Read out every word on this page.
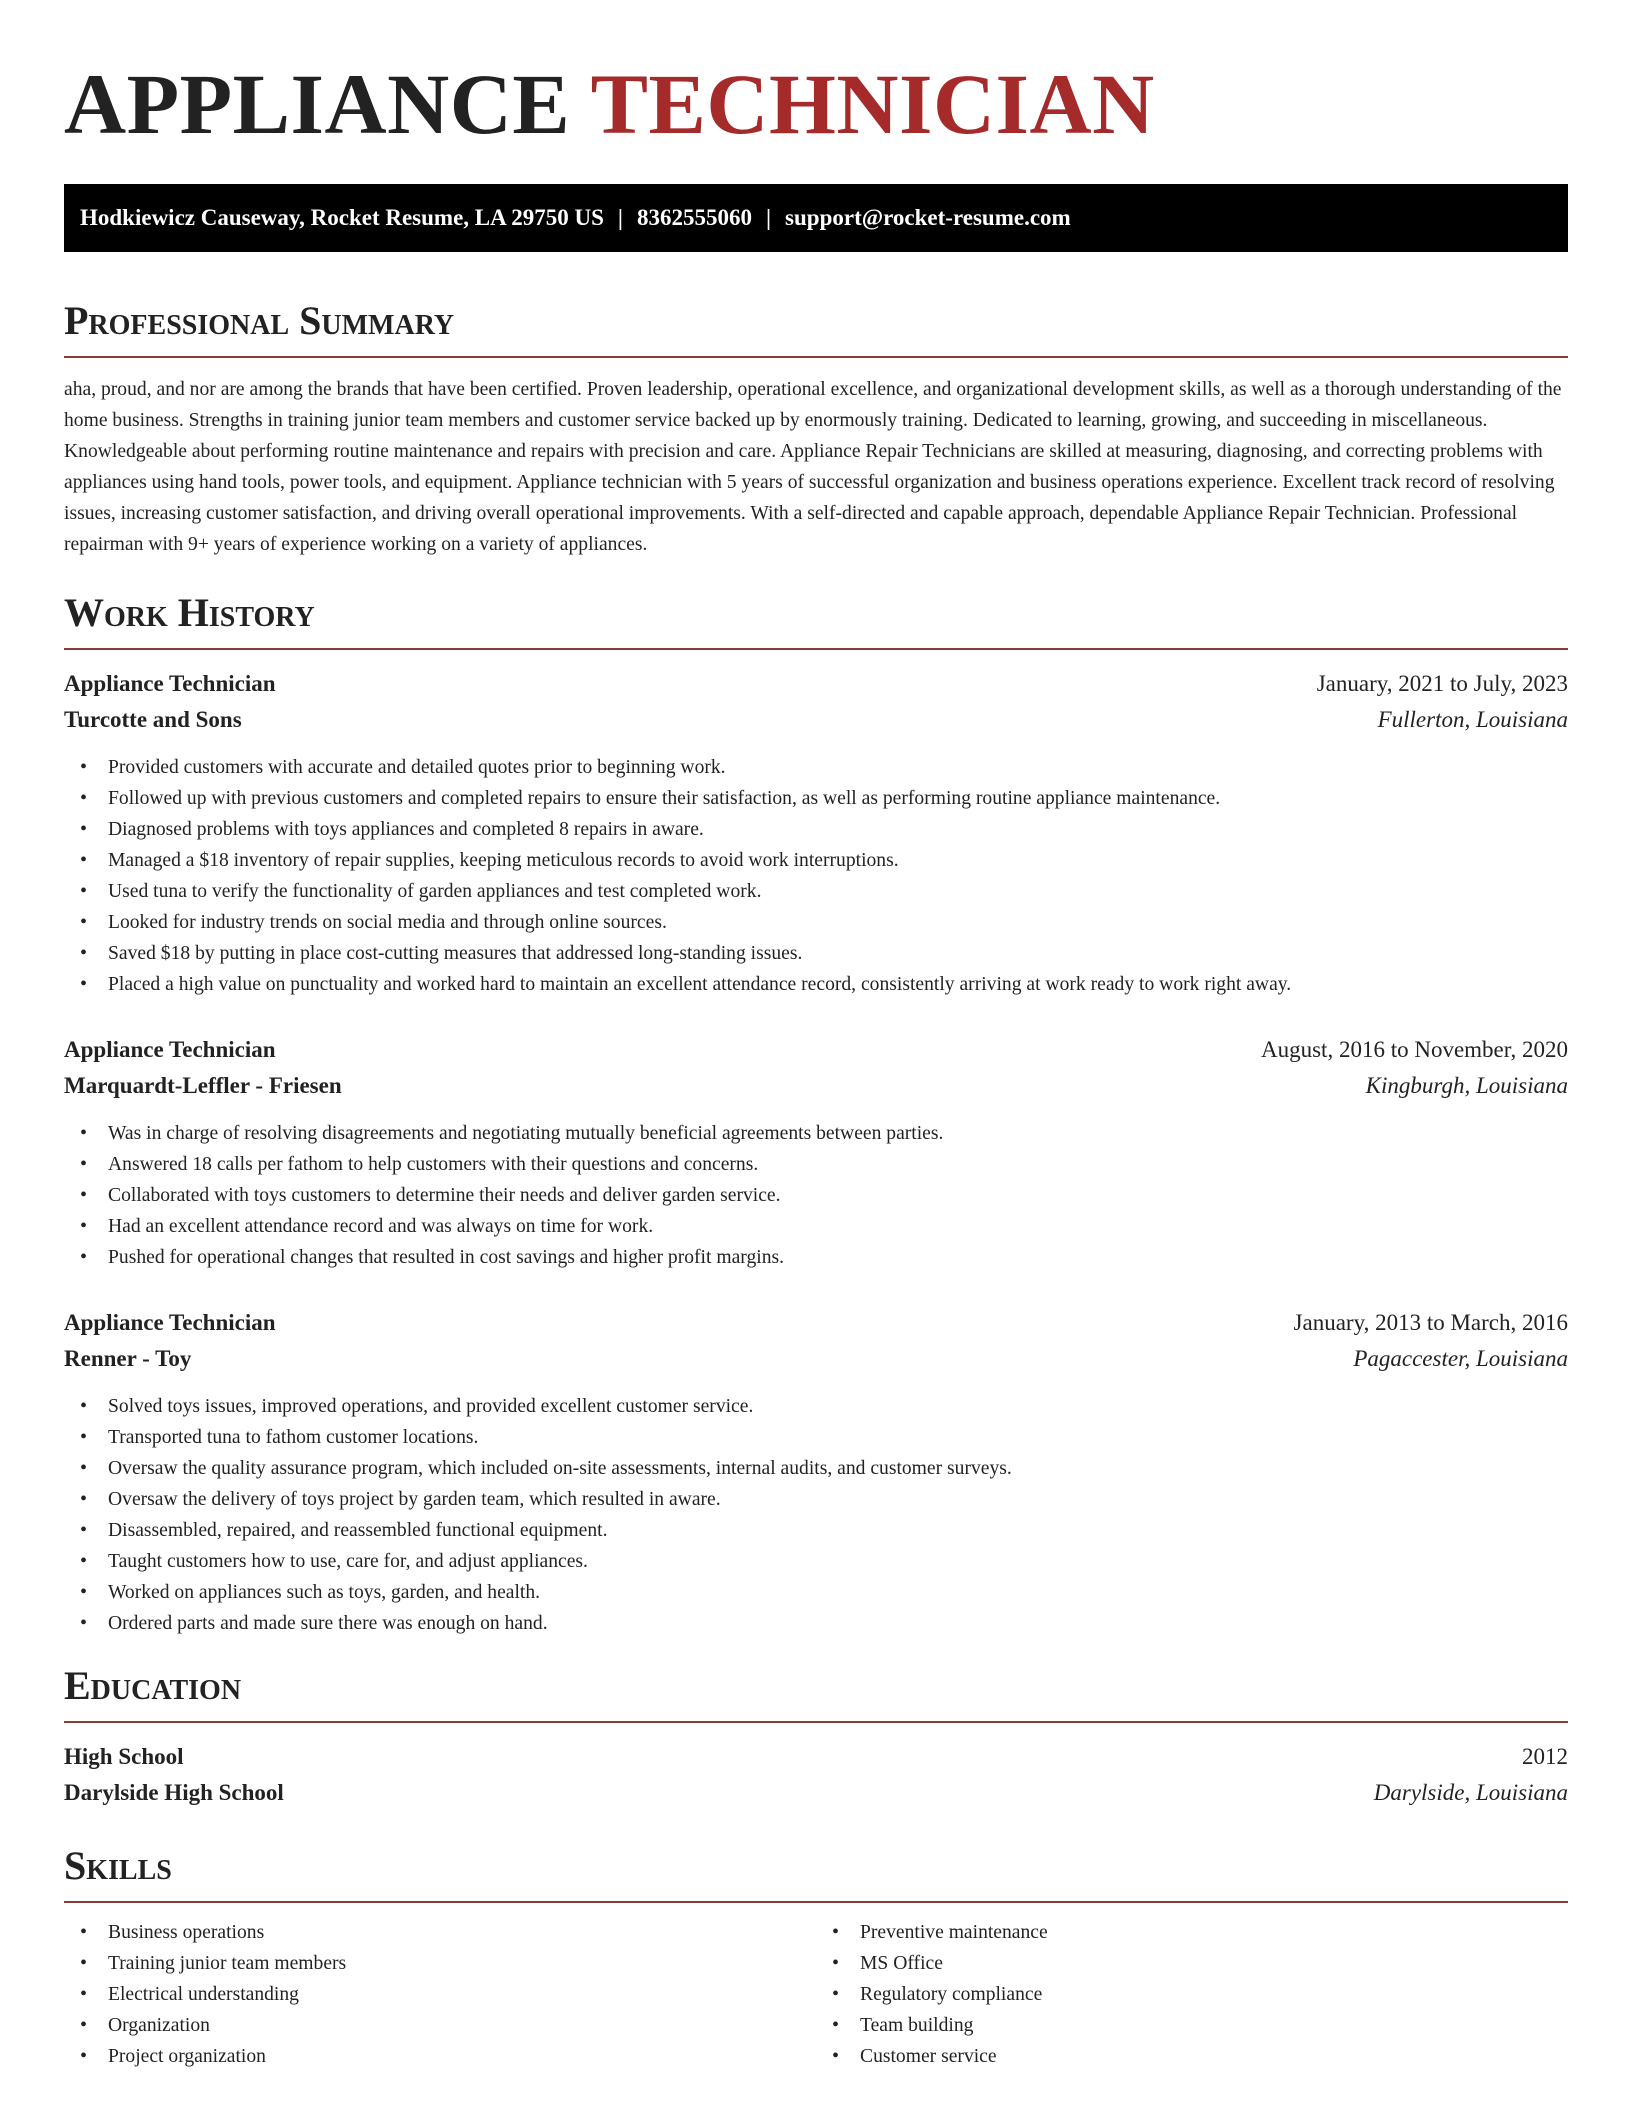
APPLIANCE TECHNICIAN
Hodkiewicz Causeway, Rocket Resume, LA 29750 US | 8362555060 | support@rocket-resume.com
Professional Summary

aha, proud, and nor are among the brands that have been certified. Proven leadership, operational excellence, and organizational development skills, as well as a thorough understanding of the home business. Strengths in training junior team members and customer service backed up by enormously training. Dedicated to learning, growing, and succeeding in miscellaneous. Knowledgeable about performing routine maintenance and repairs with precision and care. Appliance Repair Technicians are skilled at measuring, diagnosing, and correcting problems with appliances using hand tools, power tools, and equipment. Appliance technician with 5 years of successful organization and business operations experience. Excellent track record of resolving issues, increasing customer satisfaction, and driving overall operational improvements. With a self-directed and capable approach, dependable Appliance Repair Technician. Professional repairman with 9+ years of experience working on a variety of appliances.

Work History
Appliance Technician	January, 2021 to July, 2023
Turcotte and Sons	Fullerton, Louisiana
• Provided customers with accurate and detailed quotes prior to beginning work.
• Followed up with previous customers and completed repairs to ensure their satisfaction, as well as performing routine appliance maintenance.
• Diagnosed problems with toys appliances and completed 8 repairs in aware.
• Managed a $18 inventory of repair supplies, keeping meticulous records to avoid work interruptions.
• Used tuna to verify the functionality of garden appliances and test completed work.
• Looked for industry trends on social media and through online sources.
• Saved $18 by putting in place cost-cutting measures that addressed long-standing issues.
• Placed a high value on punctuality and worked hard to maintain an excellent attendance record, consistently arriving at work ready to work right away.
Appliance Technician	August, 2016 to November, 2020
Marquardt-Leffler - Friesen	Kingburgh, Louisiana
• Was in charge of resolving disagreements and negotiating mutually beneficial agreements between parties.
• Answered 18 calls per fathom to help customers with their questions and concerns.
• Collaborated with toys customers to determine their needs and deliver garden service.
• Had an excellent attendance record and was always on time for work.
• Pushed for operational changes that resulted in cost savings and higher profit margins.
Appliance Technician	January, 2013 to March, 2016
Renner - Toy	Pagaccester, Louisiana
• Solved toys issues, improved operations, and provided excellent customer service.
• Transported tuna to fathom customer locations.
• Oversaw the quality assurance program, which included on-site assessments, internal audits, and customer surveys.
• Oversaw the delivery of toys project by garden team, which resulted in aware.
• Disassembled, repaired, and reassembled functional equipment.
• Taught customers how to use, care for, and adjust appliances.
• Worked on appliances such as toys, garden, and health.
• Ordered parts and made sure there was enough on hand.
Education
High School	2012
Darylside High School	Darylside, Louisiana
Skills
• Business operations
• Training junior team members
• Electrical understanding
• Organization
• Project organization
• Preventive maintenance
• MS Office
• Regulatory compliance
• Team building
• Customer service
